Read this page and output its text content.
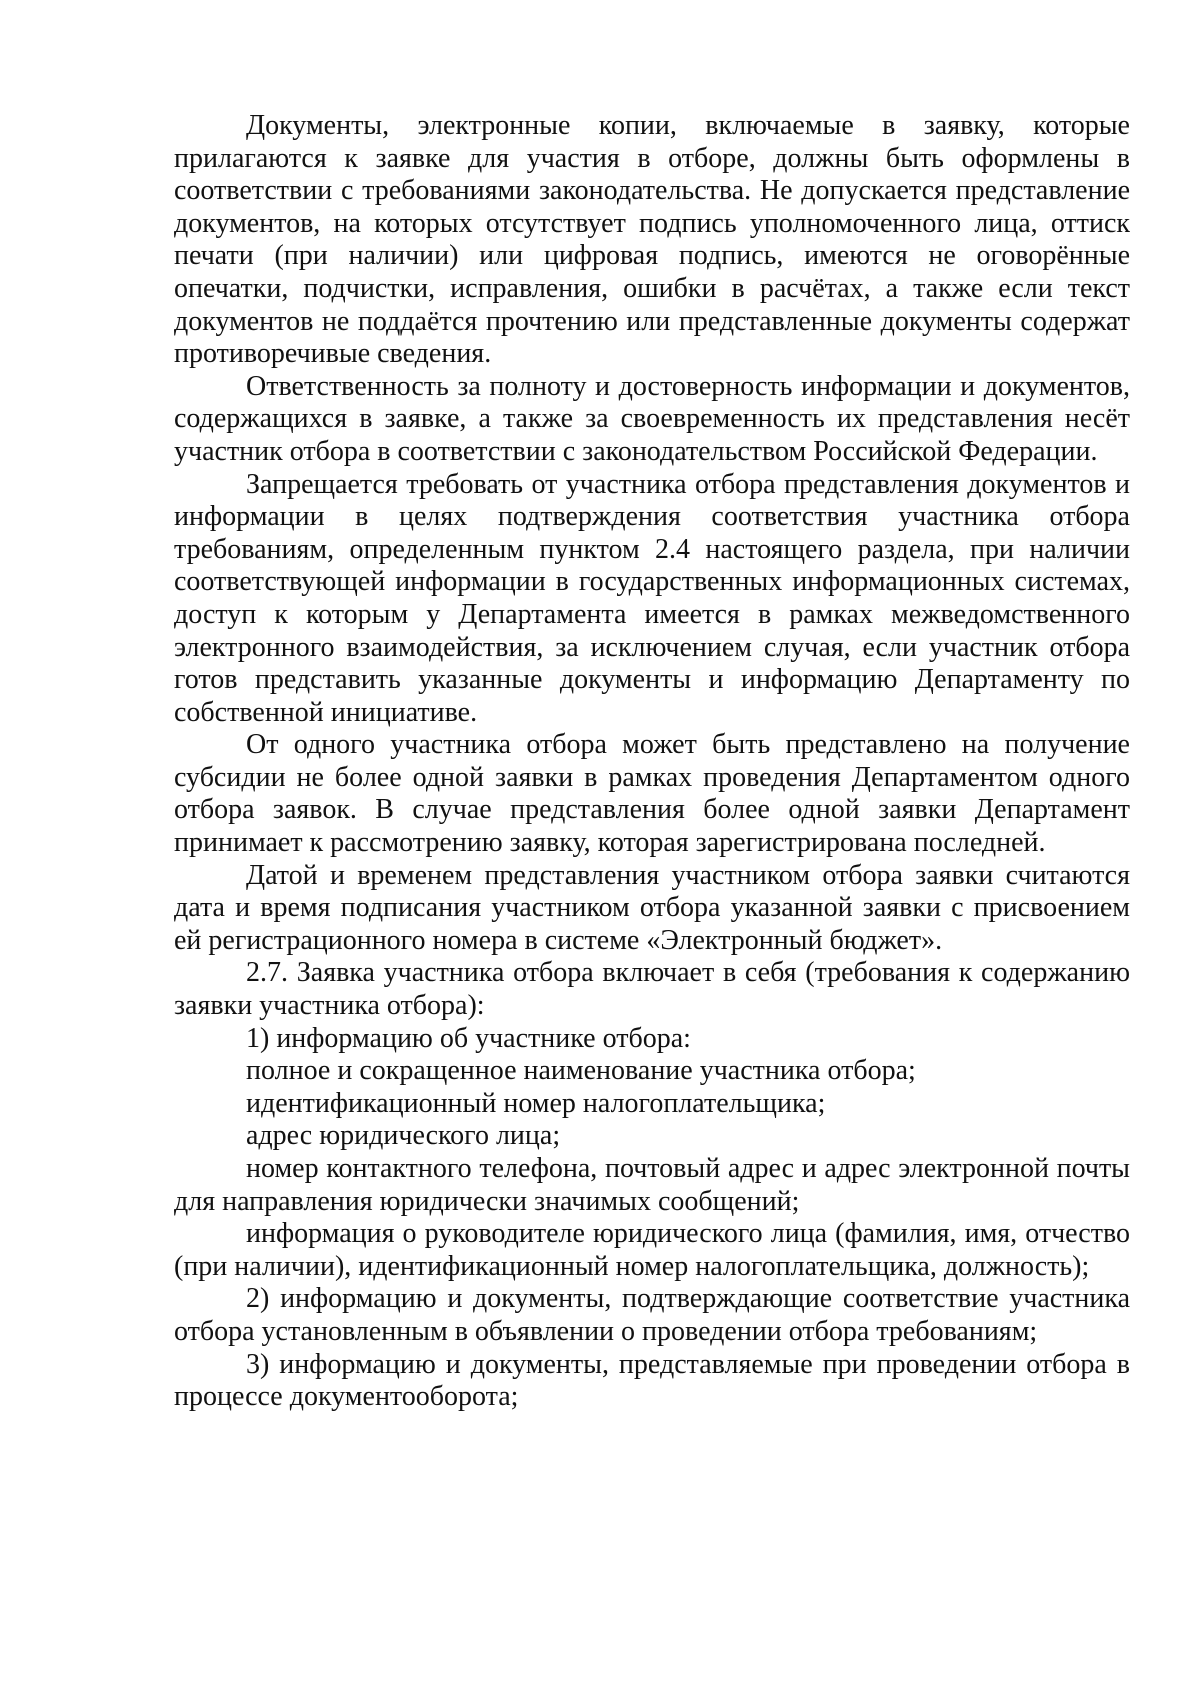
Документы, электронные копии, включаемые в заявку, которые прилагаются к заявке для участия в отборе, должны быть оформлены в соответствии с требованиями законодательства. Не допускается представление документов, на которых отсутствует подпись уполномоченного лица, оттиск печати (при наличии) или цифровая подпись, имеются не оговорённые опечатки, подчистки, исправления, ошибки в расчётах, а также если текст документов не поддаётся прочтению или представленные документы содержат противоречивые сведения.

Ответственность за полноту и достоверность информации и документов, содержащихся в заявке, а также за своевременность их представления несёт участник отбора в соответствии с законодательством Российской Федерации.

Запрещается требовать от участника отбора представления документов и информации в целях подтверждения соответствия участника отбора требованиям, определенным пунктом 2.4 настоящего раздела, при наличии соответствующей информации в государственных информационных системах, доступ к которым у Департамента имеется в рамках межведомственного электронного взаимодействия, за исключением случая, если участник отбора готов представить указанные документы и информацию Департаменту по собственной инициативе.

От одного участника отбора может быть представлено на получение субсидии не более одной заявки в рамках проведения Департаментом одного отбора заявок. В случае представления более одной заявки Департамент принимает к рассмотрению заявку, которая зарегистрирована последней.

Датой и временем представления участником отбора заявки считаются дата и время подписания участником отбора указанной заявки с присвоением ей регистрационного номера в системе «Электронный бюджет».

2.7. Заявка участника отбора включает в себя (требования к содержанию заявки участника отбора):

1) информацию об участнике отбора:

полное и сокращенное наименование участника отбора;

идентификационный номер налогоплательщика;

адрес юридического лица;

номер контактного телефона, почтовый адрес и адрес электронной почты для направления юридически значимых сообщений;

информация о руководителе юридического лица (фамилия, имя, отчество (при наличии), идентификационный номер налогоплательщика, должность);

2) информацию и документы, подтверждающие соответствие участника отбора установленным в объявлении о проведении отбора требованиям;

3) информацию и документы, представляемые при проведении отбора в процессе документооборота;
